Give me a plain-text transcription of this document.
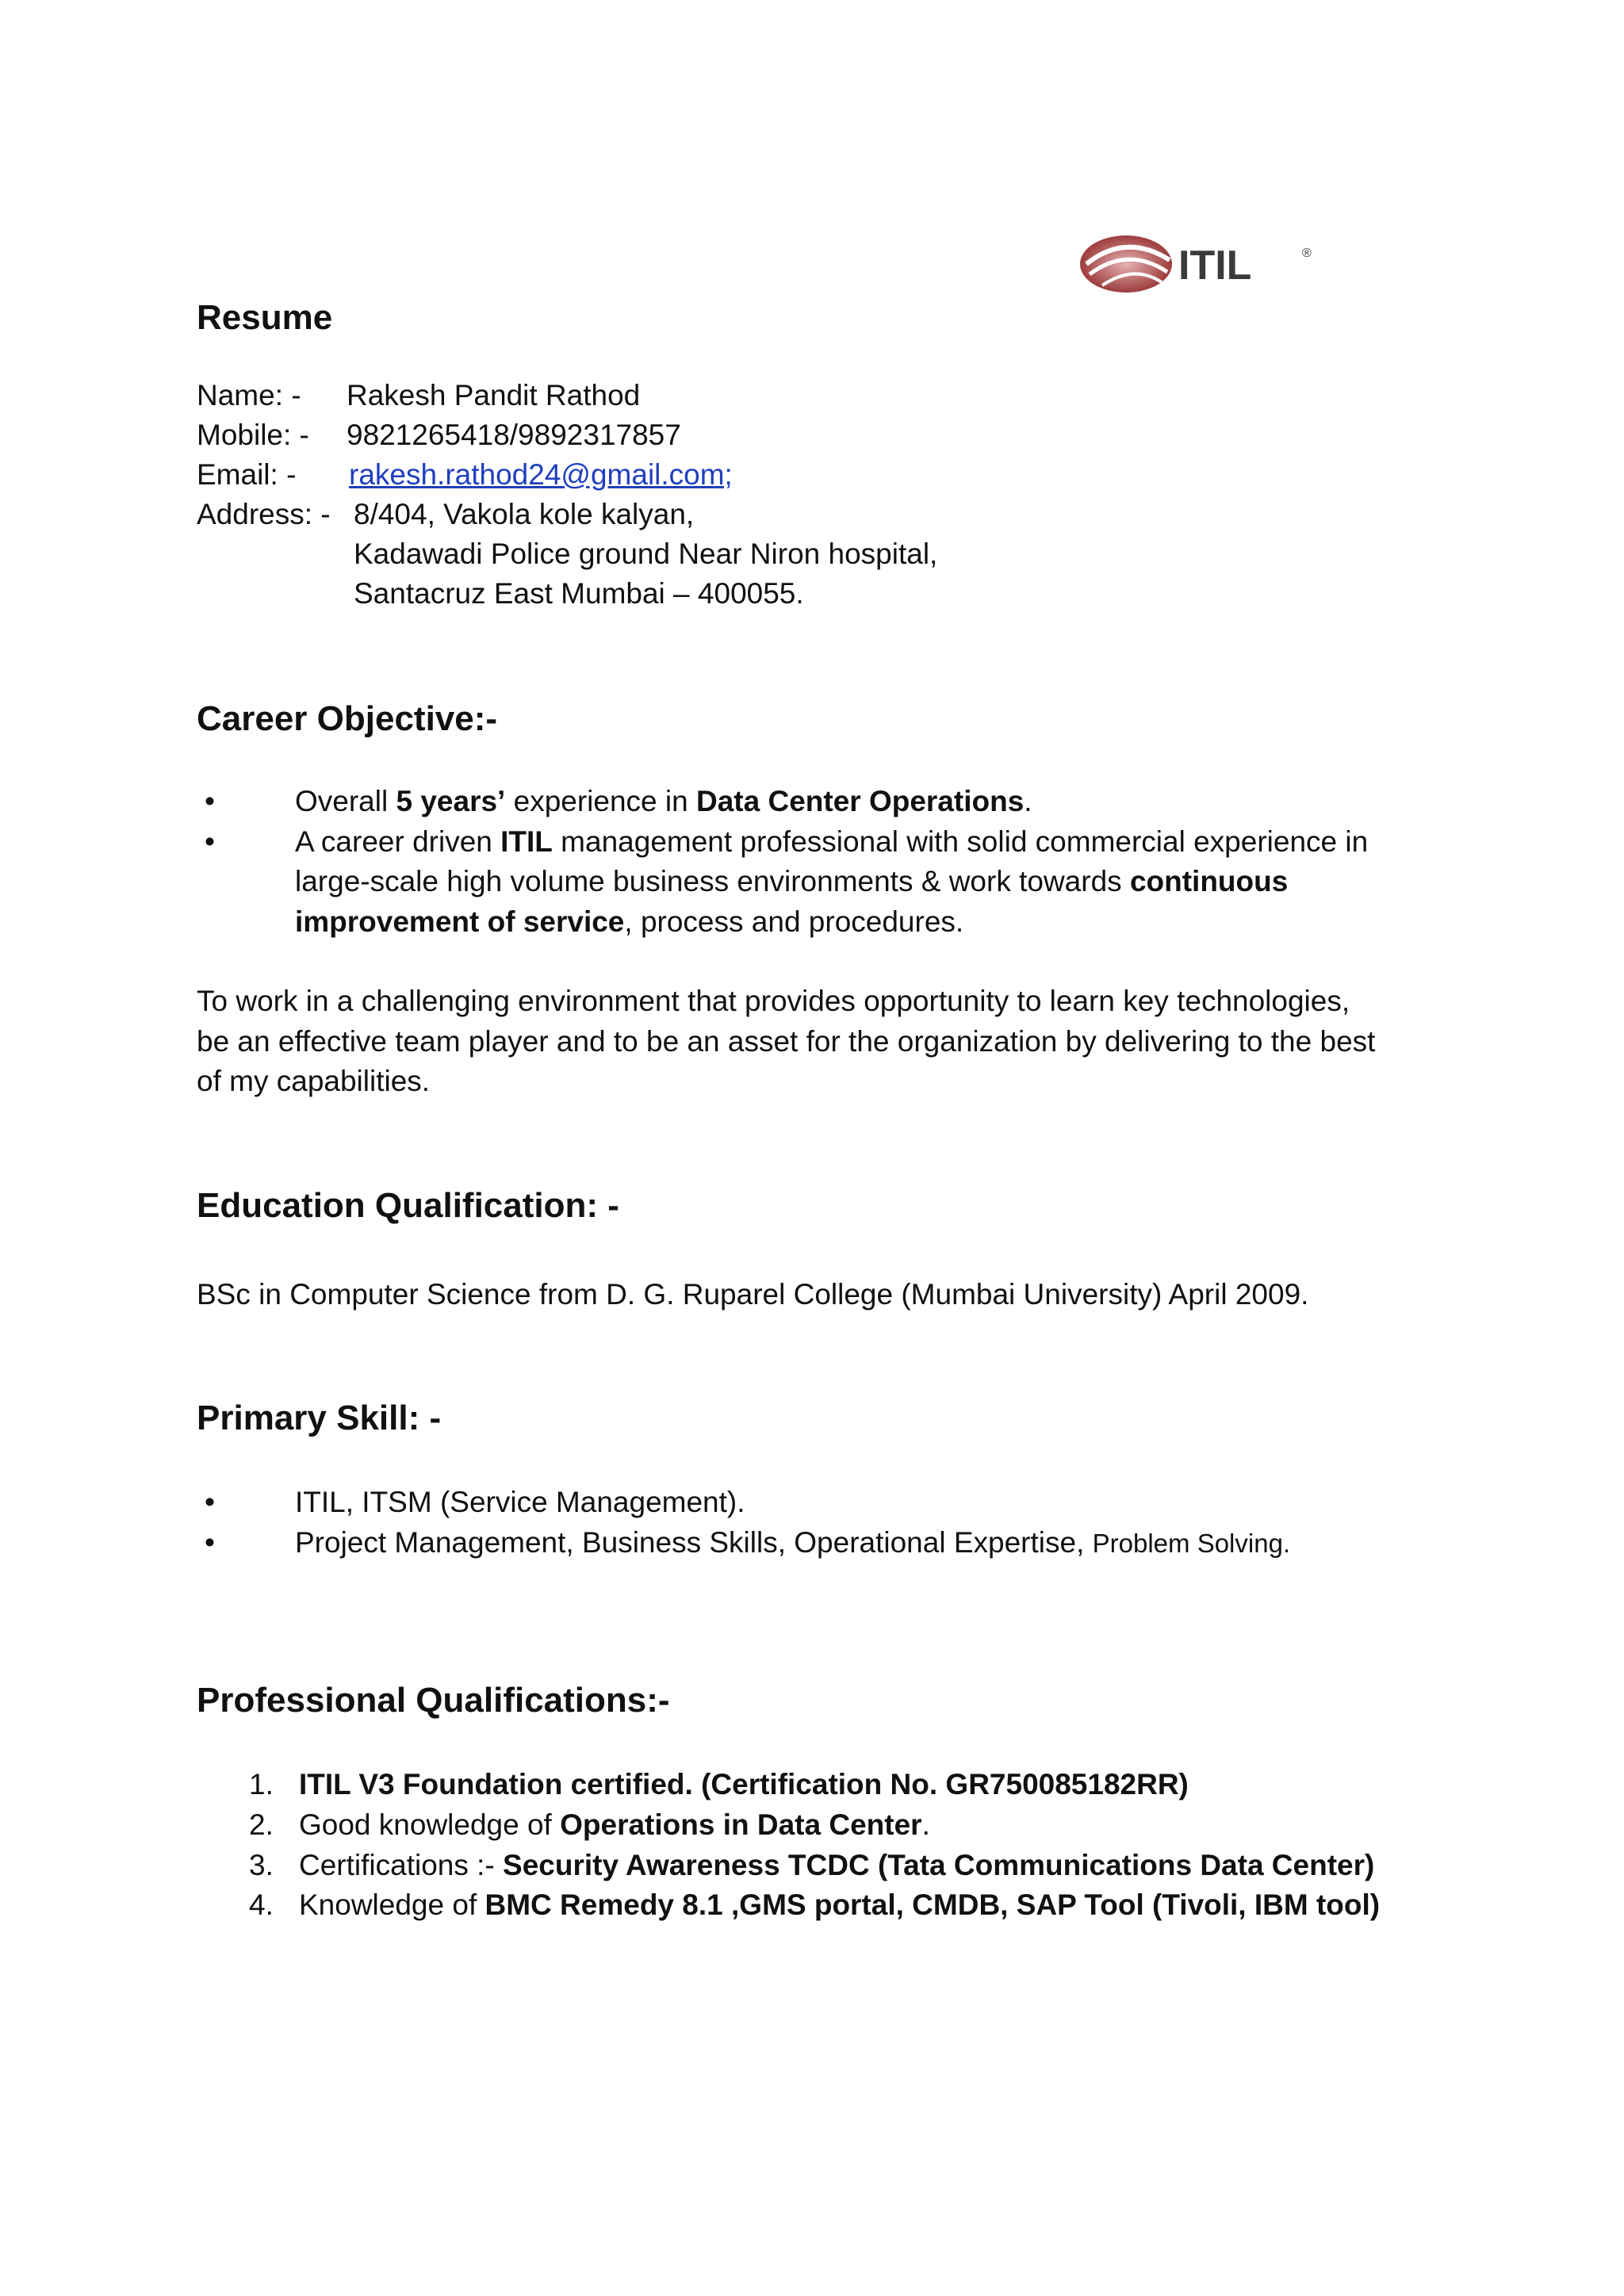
ITIL	®
Resume
Name: - Rakesh Pandit Rathod
Mobile: - 9821265418/9892317857
Email: - rakesh.rathod24@gmail.com;
Address: - 8/404, Vakola kole kalyan,
Kadawadi Police ground Near Niron hospital,
Santacruz East Mumbai – 400055.
Career Objective:-
•	Overall 5 years’ experience in Data Center Operations.
•	A career driven ITIL management professional with solid commercial experience in
large-scale high volume business environments & work towards continuous
improvement of service, process and procedures.
To work in a challenging environment that provides opportunity to learn key technologies,
be an effective team player and to be an asset for the organization by delivering to the best
of my capabilities.
Education Qualification: -
BSc in Computer Science from D. G. Ruparel College (Mumbai University) April 2009.
Primary Skill: -
•	ITIL, ITSM (Service Management).
•	Project Management, Business Skills, Operational Expertise, Problem Solving.
Professional Qualifications:-
1. ITIL V3 Foundation certified. (Certification No. GR750085182RR)
2. Good knowledge of Operations in Data Center.
3. Certifications :- Security Awareness TCDC (Tata Communications Data Center)
4. Knowledge of BMC Remedy 8.1 ,GMS portal, CMDB, SAP Tool (Tivoli, IBM tool)
